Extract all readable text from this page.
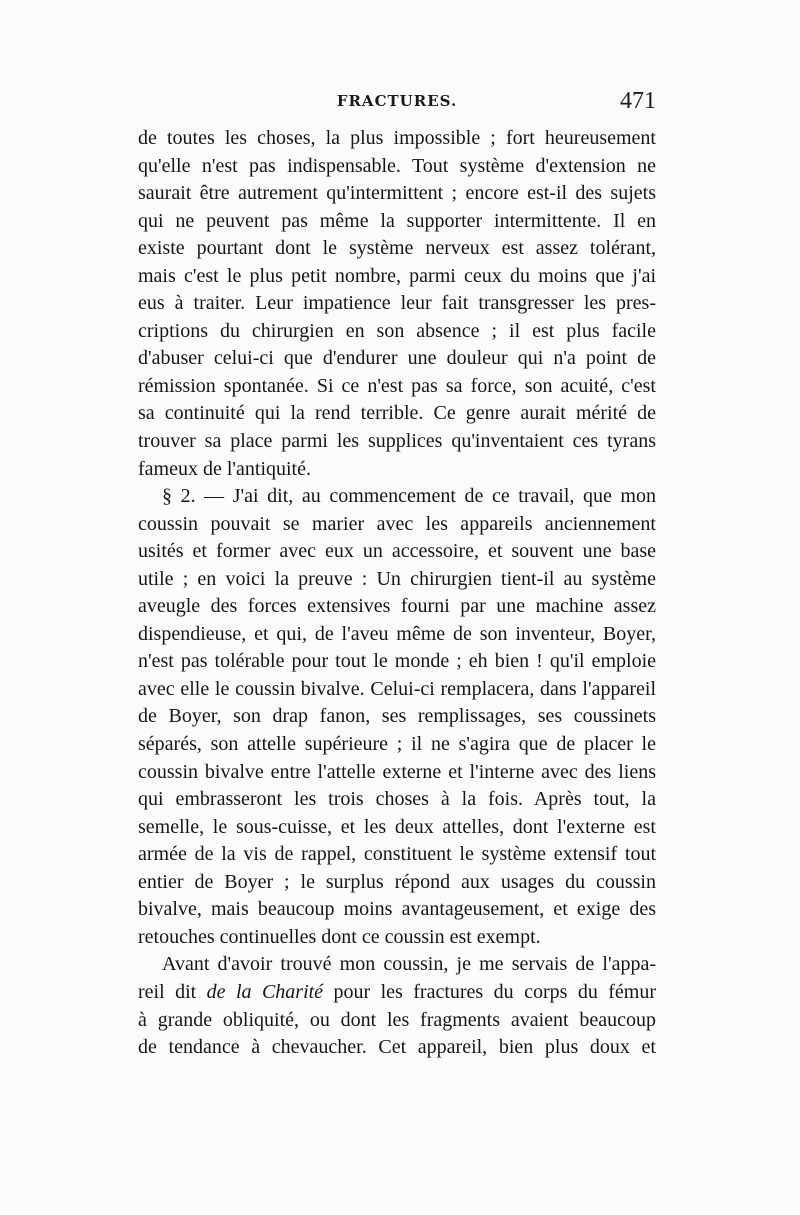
FRACTURES.	471
de toutes les choses, la plus impossible ; fort heureusement
qu'elle n'est pas indispensable. Tout système d'extension ne
saurait être autrement qu'intermittent ; encore est-il des sujets
qui ne peuvent pas même la supporter intermittente. Il en
existe pourtant dont le système nerveux est assez tolérant,
mais c'est le plus petit nombre, parmi ceux du moins que j'ai
eus à traiter. Leur impatience leur fait transgresser les pres-
criptions du chirurgien en son absence ; il est plus facile
d'abuser celui-ci que d'endurer une douleur qui n'a point de
rémission spontanée. Si ce n'est pas sa force, son acuité, c'est
sa continuité qui la rend terrible. Ce genre aurait mérité de
trouver sa place parmi les supplices qu'inventaient ces tyrans
fameux de l'antiquité.
§ 2. — J'ai dit, au commencement de ce travail, que mon
coussin pouvait se marier avec les appareils anciennement
usités et former avec eux un accessoire, et souvent une base
utile ; en voici la preuve : Un chirurgien tient-il au système
aveugle des forces extensives fourni par une machine assez
dispendieuse, et qui, de l'aveu même de son inventeur, Boyer,
n'est pas tolérable pour tout le monde ; eh bien ! qu'il emploie
avec elle le coussin bivalve. Celui-ci remplacera, dans l'appareil
de Boyer, son drap fanon, ses remplissages, ses coussinets
séparés, son attelle supérieure ; il ne s'agira que de placer le
coussin bivalve entre l'attelle externe et l'interne avec des liens
qui embrasseront les trois choses à la fois. Après tout, la
semelle, le sous-cuisse, et les deux attelles, dont l'externe est
armée de la vis de rappel, constituent le système extensif tout
entier de Boyer ; le surplus répond aux usages du coussin
bivalve, mais beaucoup moins avantageusement, et exige des
retouches continuelles dont ce coussin est exempt.
Avant d'avoir trouvé mon coussin, je me servais de l'appa-
reil dit de la Charité pour les fractures du corps du fémur
à grande obliquité, ou dont les fragments avaient beaucoup
de tendance à chevaucher. Cet appareil, bien plus doux et
